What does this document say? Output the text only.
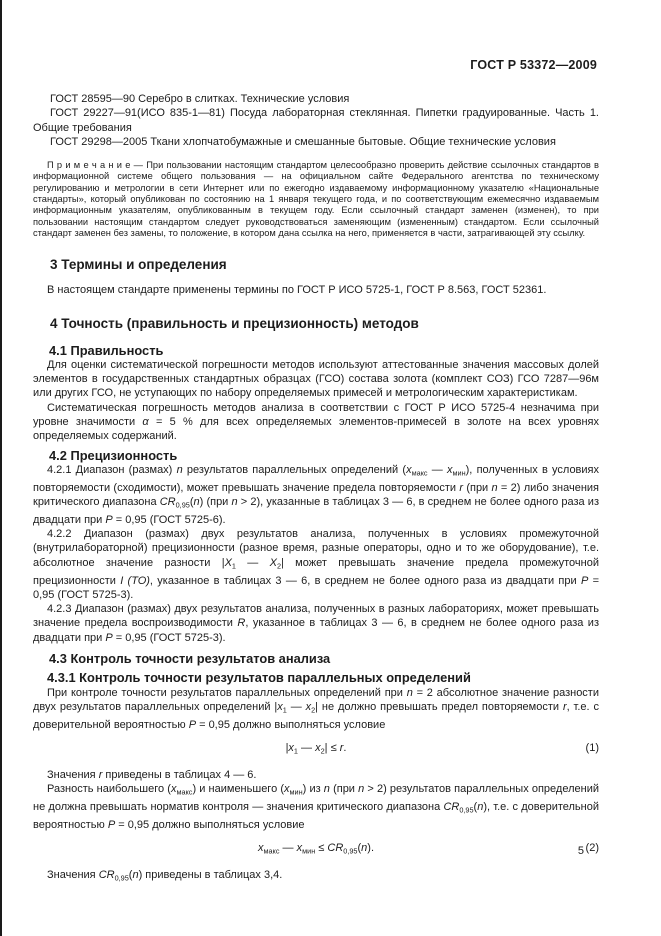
ГОСТ Р 53372—2009

ГОСТ 28595—90 Серебро в слитках. Технические условия

ГОСТ 29227—91(ИСО 835-1—81) Посуда лабораторная стеклянная. Пипетки градуированные. Часть 1. Общие требования

ГОСТ 29298—2005 Ткани хлопчатобумажные и смешанные бытовые. Общие технические условия

П р и м е ч а н и е — При пользовании настоящим стандартом целесообразно проверить действие ссылочных стандартов в информационной системе общего пользования — на официальном сайте Федерального агентства по техническому регулированию и метрологии в сети Интернет или по ежегодно издаваемому информационному указателю «Национальные стандарты», который опубликован по состоянию на 1 января текущего года, и по соответствующим ежемесячно издаваемым информационным указателям, опубликованным в текущем году. Если ссылочный стандарт заменен (изменен), то при пользовании настоящим стандартом следует руководствоваться заменяющим (измененным) стандартом. Если ссылочный стандарт заменен без замены, то положение, в котором дана ссылка на него, применяется в части, затрагивающей эту ссылку.

3 Термины и определения

В настоящем стандарте применены термины по ГОСТ Р ИСО 5725-1, ГОСТ Р 8.563, ГОСТ 52361.

4 Точность (правильность и прецизионность) методов
4.1 Правильность

Для оценки систематической погрешности методов используют аттестованные значения массовых долей элементов в государственных стандартных образцах (ГСО) состава золота (комплект СОЗ) ГСО 7287—96м или других ГСО, не уступающих по набору определяемых примесей и метрологическим характеристикам.

Систематическая погрешность методов анализа в соответствии с ГОСТ Р ИСО 5725-4 незначима при уровне значимости α = 5 % для всех определяемых элементов-примесей в золоте на всех уровнях определяемых содержаний.

4.2 Прецизионность

4.2.1 Диапазон (размах) n результатов параллельных определений ($x_{макс}$ — $x_{мин}$), полученных в условиях повторяемости (сходимости), может превышать значение предела повторяемости r (при n = 2) либо значения критического диапазона $CR_{0,95}(n)$ (при n > 2), указанные в таблицах 3 — 6, в среднем не более одного раза из двадцати при P = 0,95 (ГОСТ 5725-6).

4.2.2 Диапазон (размах) двух результатов анализа, полученных в условиях промежуточной (внутрилабораторной) прецизионности (разное время, разные операторы, одно и то же оборудование), т.е. абсолютное значение разности $|X_1$ — $X_2|$ может превышать значение предела промежуточной прецизионности I (ТО), указанное в таблицах 3 — 6, в среднем не более одного раза из двадцати при P = 0,95 (ГОСТ 5725-3).

4.2.3 Диапазон (размах) двух результатов анализа, полученных в разных лабораториях, может превышать значение предела воспроизводимости R, указанное в таблицах 3 — 6, в среднем не более одного раза из двадцати при P = 0,95 (ГОСТ 5725-3).

4.3 Контроль точности результатов анализа
4.3.1 Контроль точности результатов параллельных определений

При контроле точности результатов параллельных определений при n = 2 абсолютное значение разности двух результатов параллельных определений $|x_1$ — $x_2|$ не должно превышать предел повторяемости r, т.е. с доверительной вероятностью P = 0,95 должно выполняться условие

$|x_1$ — $x_2| \le r$.	(1)

Значения r приведены в таблицах 4 — 6.

Разность наибольшего $(x_{макс})$ и наименьшего $(x_{мин})$ из n (при n > 2) результатов параллельных определений не должна превышать норматив контроля — значения критического диапазона $CR_{0,95}(n)$, т.е. с доверительной вероятностью P = 0,95 должно выполняться условие

$x_{макс}$ — $x_{мин} \le CR_{0,95}(n)$.	(2)

Значения $CR_{0,95}(n)$ приведены в таблицах 3,4.

5
